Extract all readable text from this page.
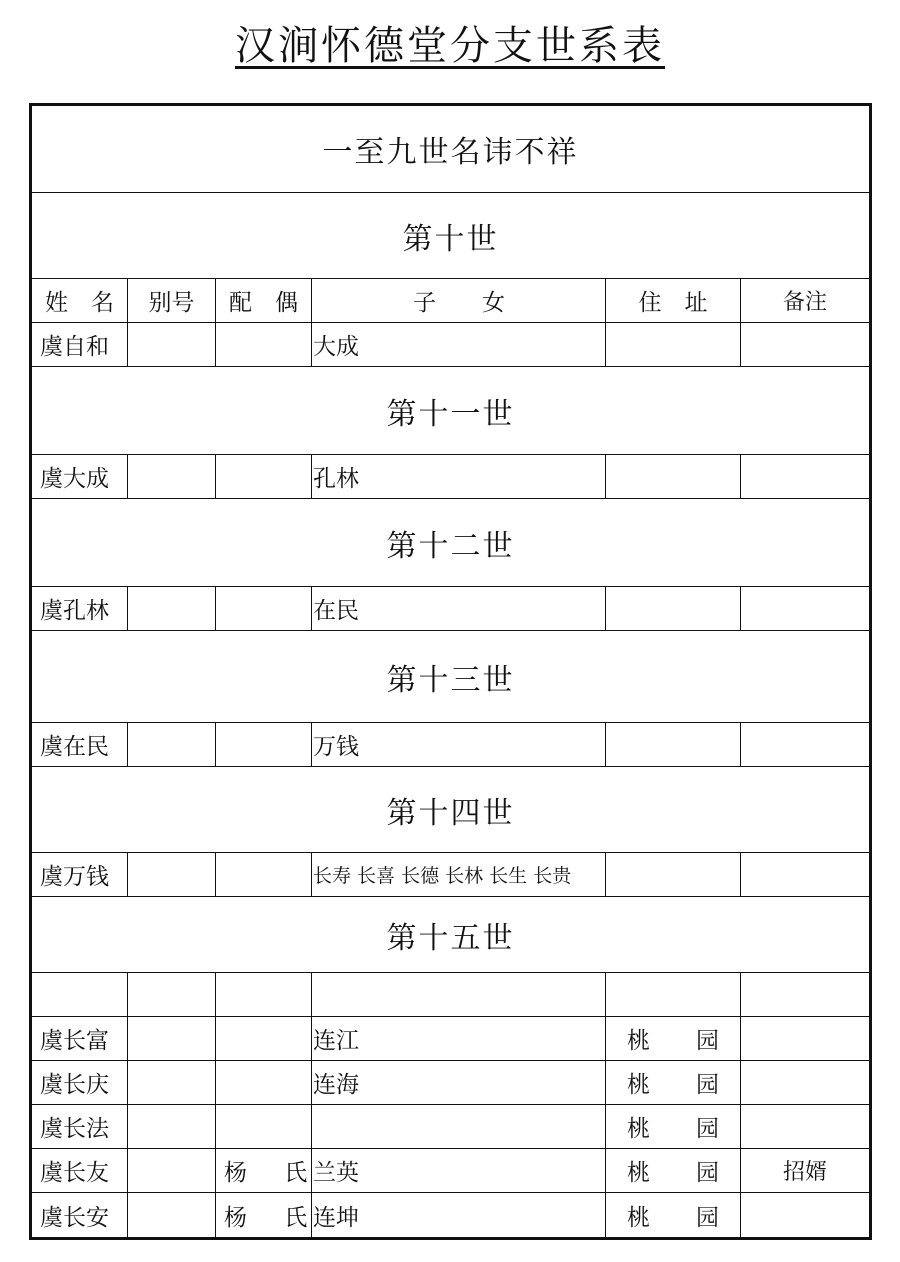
汉涧怀德堂分支世系表
一至九世名讳不祥					
第十世					
姓　名	别号	配　偶	子　　女	住　址	备注
虞自和			大成		
第十一世					
虞大成			孔林		
第十二世					
虞孔林			在民		
第十三世					
虞在民			万钱		
第十四世					
虞万钱			长寿 长喜 长德 长林 长生 长贵		
第十五世					

虞长富			连江	桃　　园	
虞长庆			连海	桃　　园	
虞长法				桃　　园	
虞长友		杨 氏	兰英	桃　　园	招婿
虞长安		杨 氏	连坤	桃　　园	
